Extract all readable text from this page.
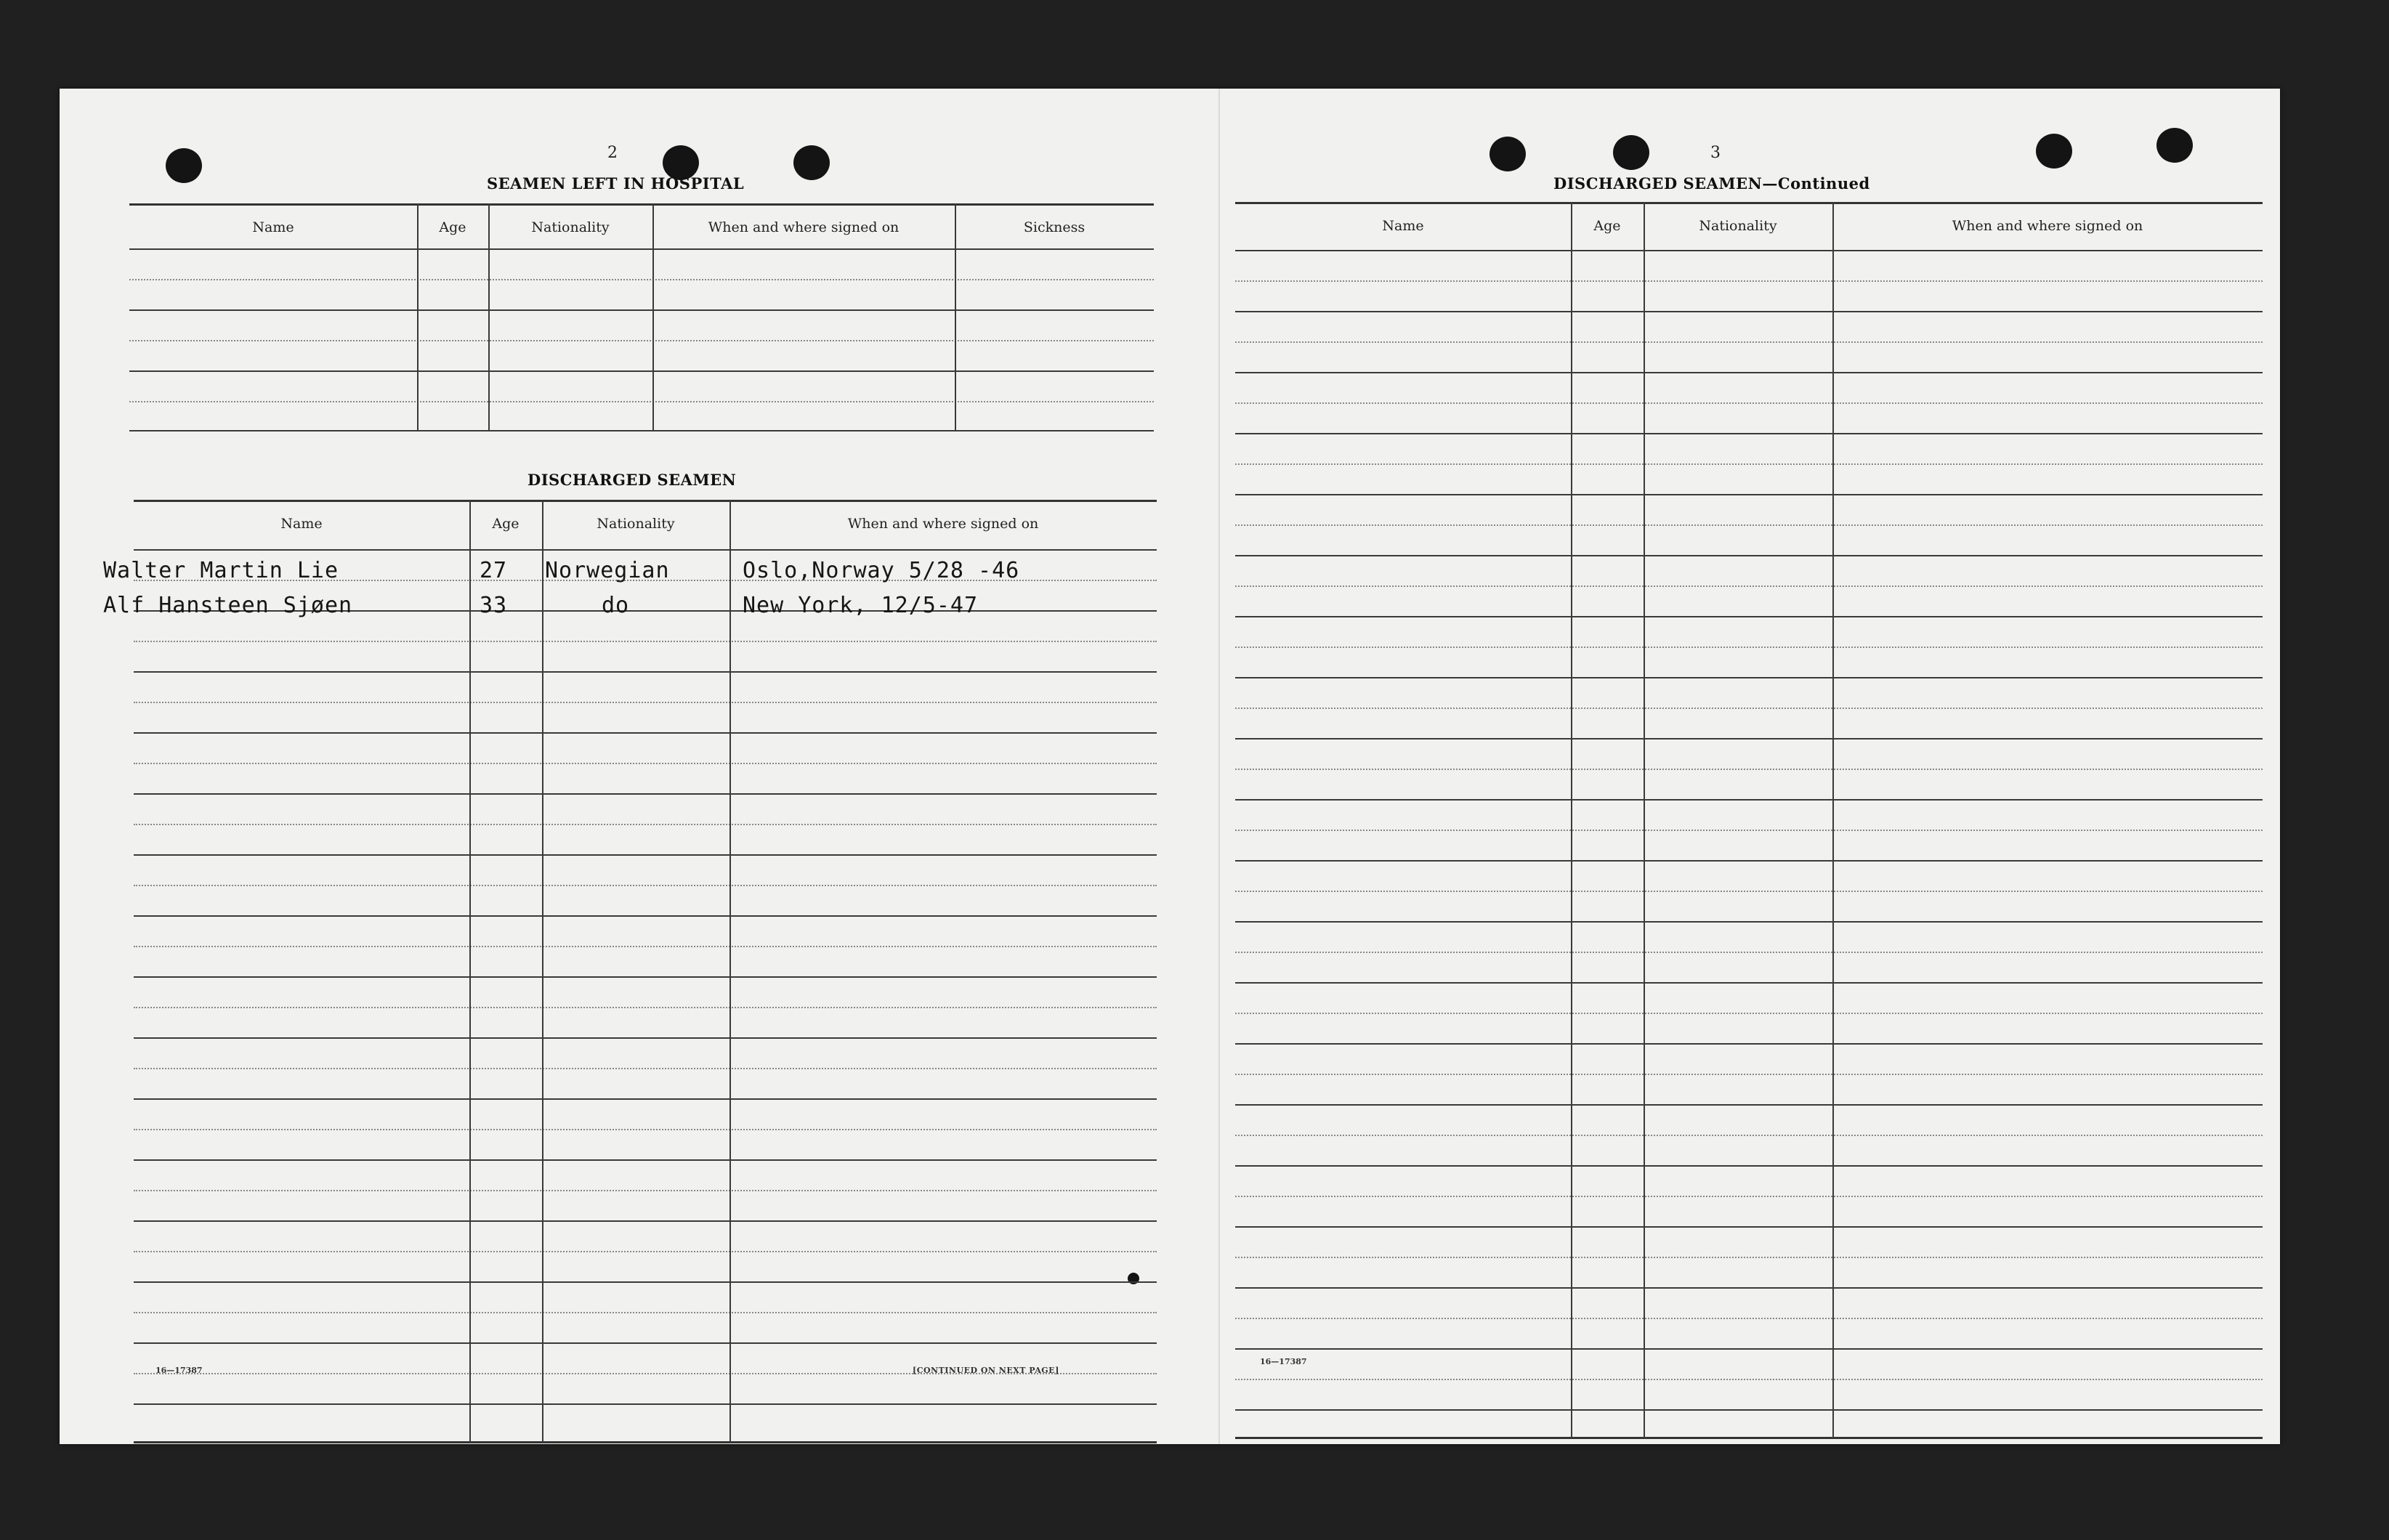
2
SEAMEN LEFT IN HOSPITAL
Name	Age	Nationality	When and where signed on	Sickness
DISCHARGED SEAMEN
Name	Age	Nationality	When and where signed on
Walter Martin Lie	27 Norwegian	Oslo,Norway 5/28 -46
Alf Hansteen Sjøen	33	do	New York, 12/5-47
16—17387	[CONTINUED ON NEXT PAGE]
3
DISCHARGED SEAMEN—Continued
Name	Age	Nationality	When and where signed on
16—17387
